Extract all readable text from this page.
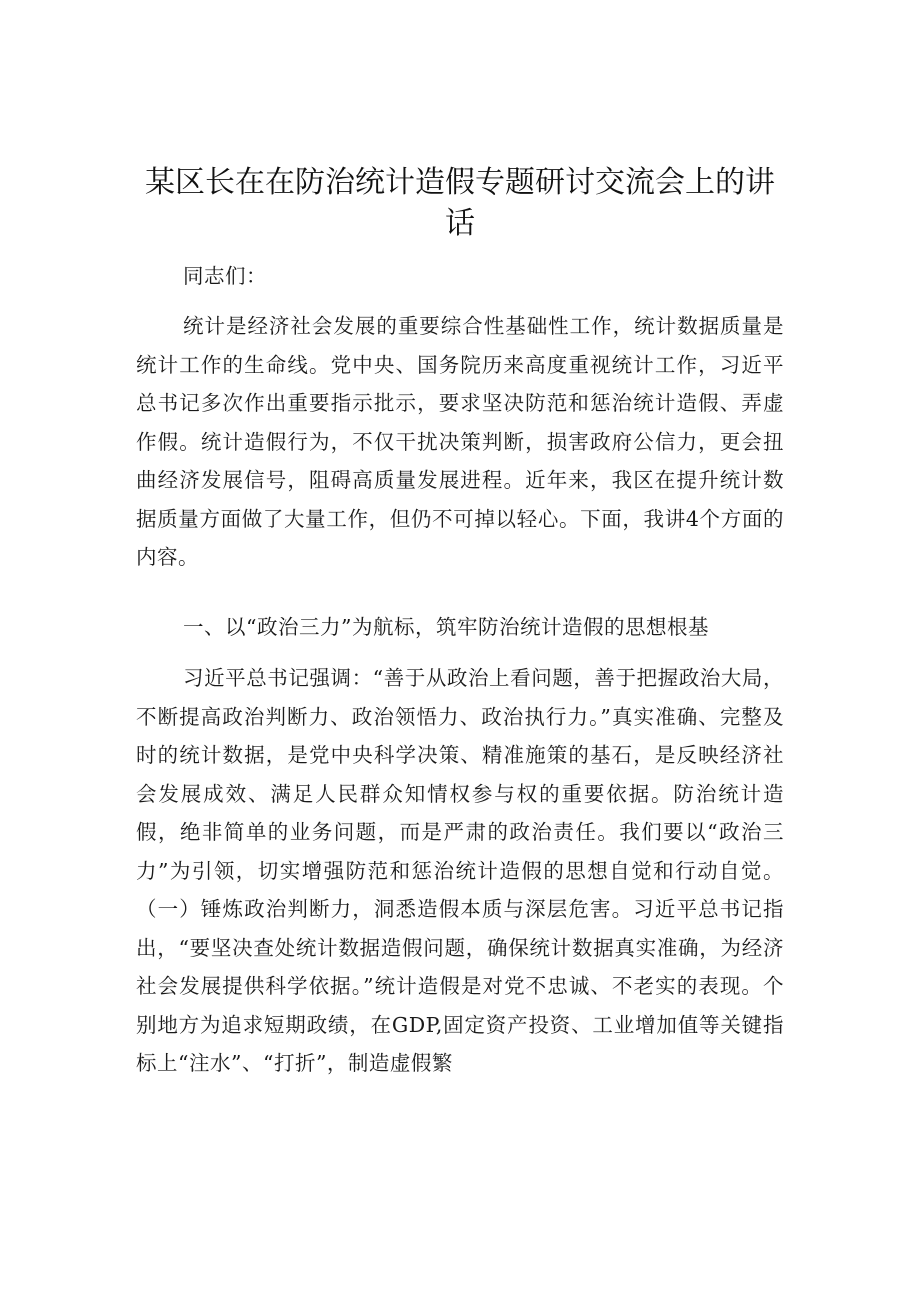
某区长在在防治统计造假专题研讨交流会上的讲话

同志们：

统计是经济社会发展的重要综合性基础性工作，统计数据质量是统计工作的生命线。党中央、国务院历来高度重视统计工作，习近平总书记多次作出重要指示批示，要求坚决防范和惩治统计造假、弄虚作假。统计造假行为，不仅干扰决策判断，损害政府公信力，更会扭曲经济发展信号，阻碍高质量发展进程。近年来，我区在提升统计数据质量方面做了大量工作，但仍不可掉以轻心。下面，我讲4个方面的内容。

一、以“政治三力”为航标，筑牢防治统计造假的思想根基

习近平总书记强调：“善于从政治上看问题，善于把握政治大局，不断提高政治判断力、政治领悟力、政治执行力。”真实准确、完整及时的统计数据，是党中央科学决策、精准施策的基石，是反映经济社会发展成效、满足人民群众知情权参与权的重要依据。防治统计造假，绝非简单的业务问题，而是严肃的政治责任。我们要以“政治三力”为引领，切实增强防范和惩治统计造假的思想自觉和行动自觉。（一）锤炼政治判断力，洞悉造假本质与深层危害。习近平总书记指出，“要坚决查处统计数据造假问题，确保统计数据真实准确，为经济社会发展提供科学依据。”统计造假是对党不忠诚、不老实的表现。个别地方为追求短期政绩，在GDP,固定资产投资、工业增加值等关键指标上“注水”、“打折”，制造虚假繁
